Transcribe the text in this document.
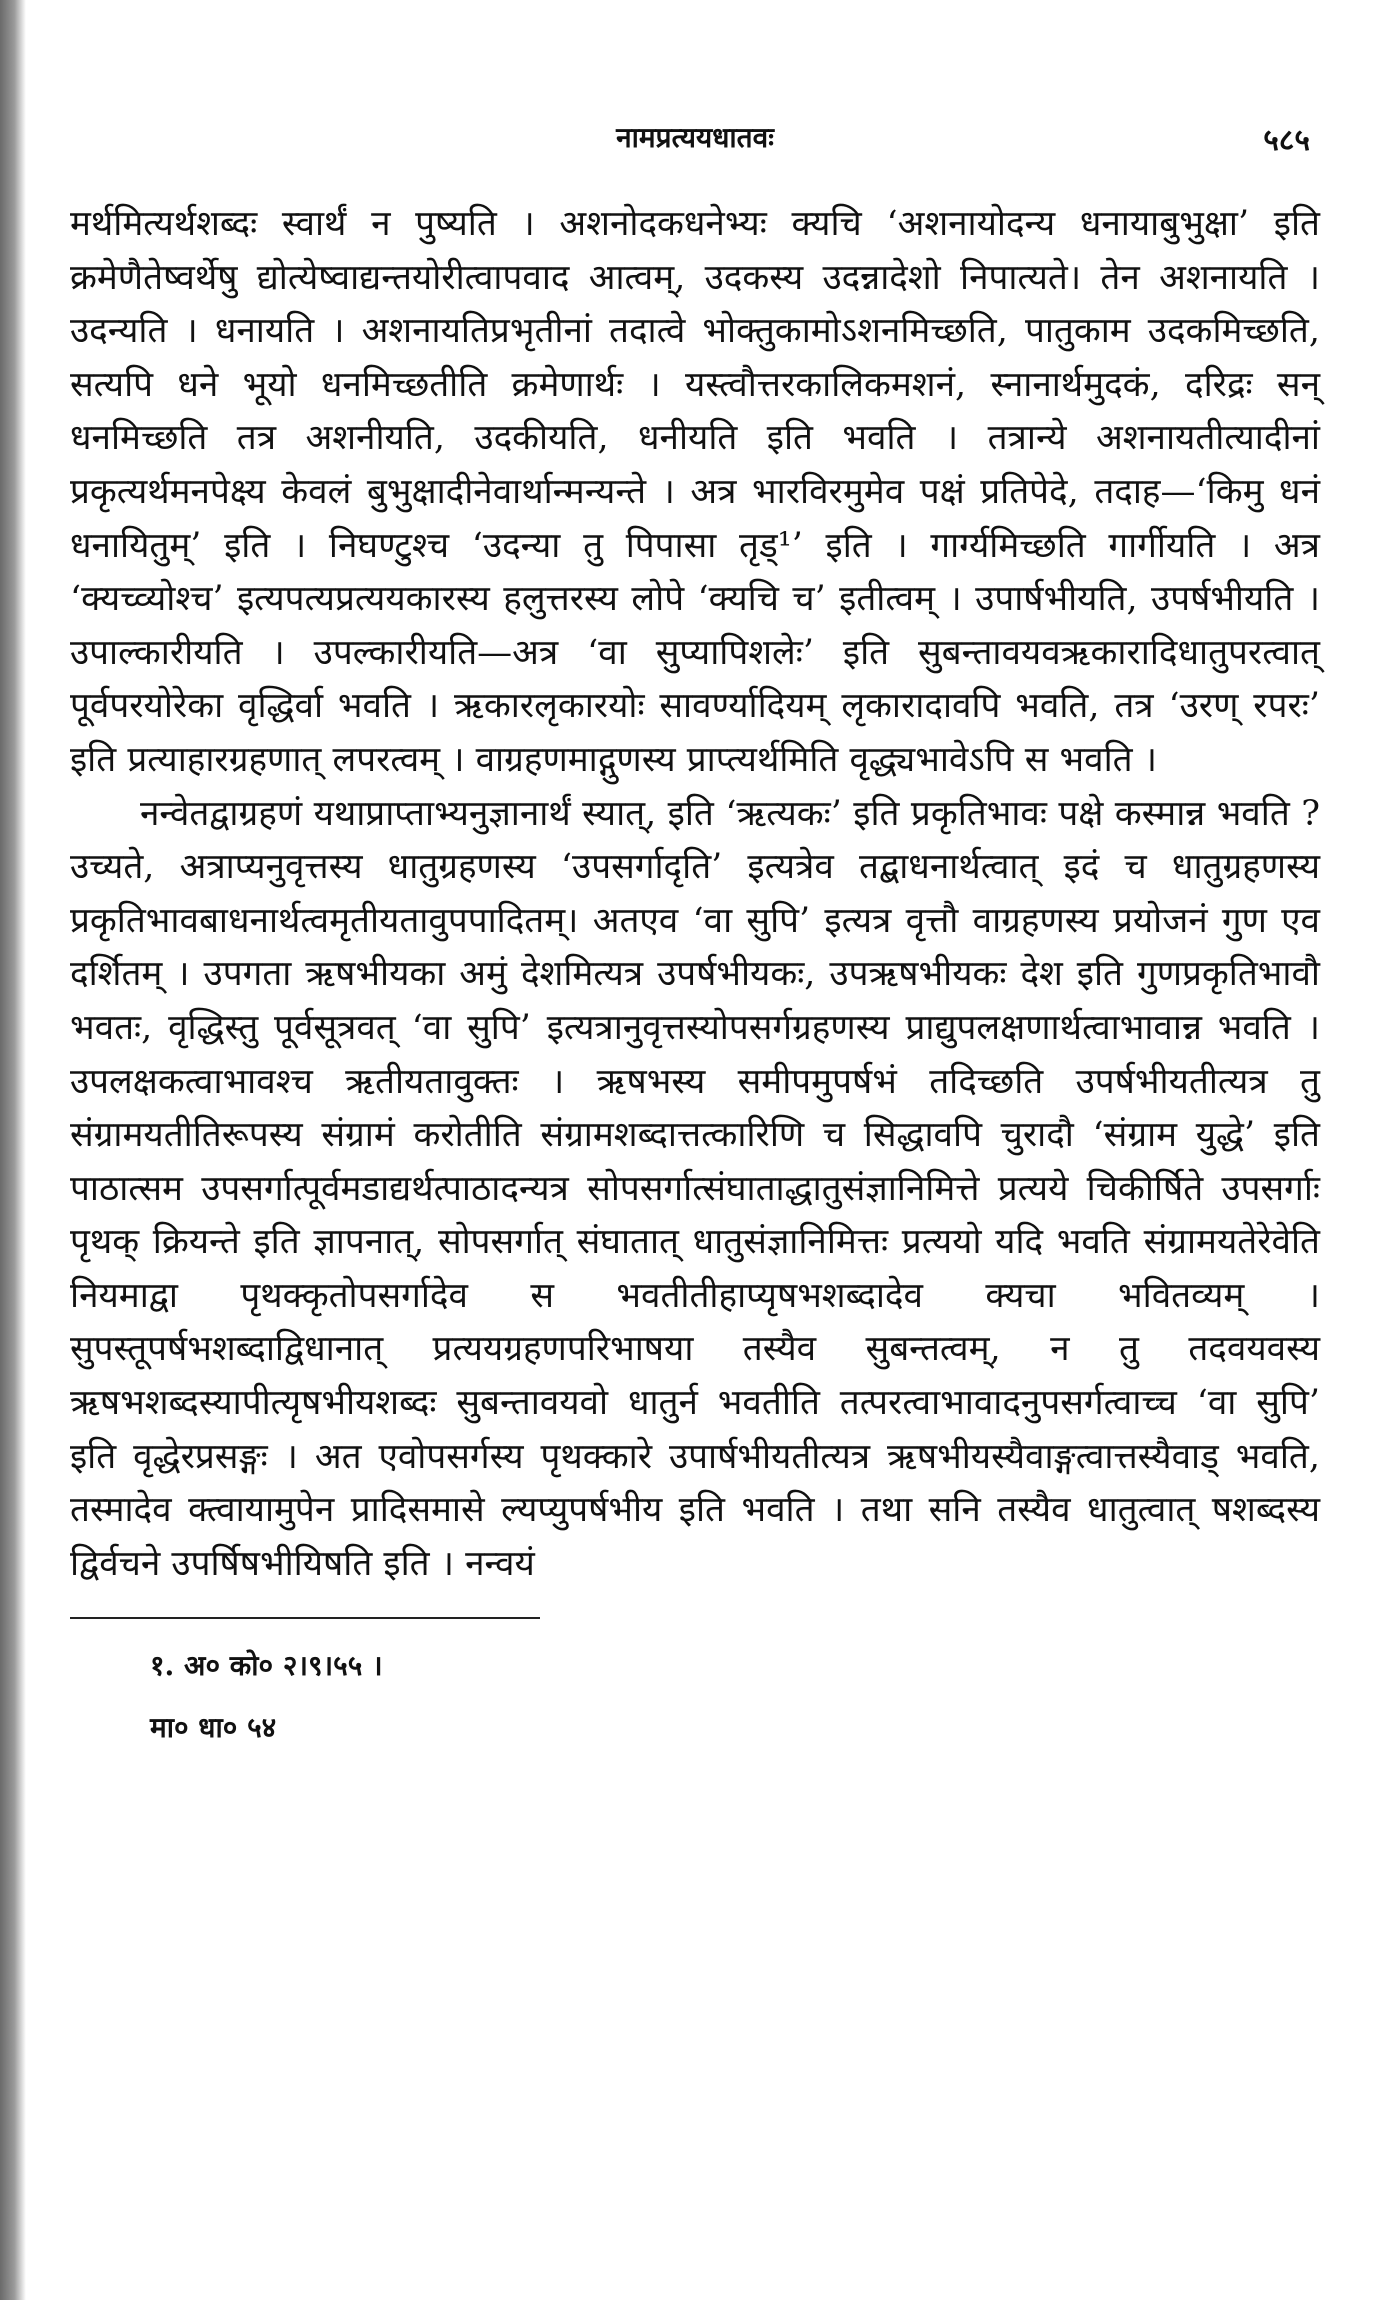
नामप्रत्ययधातवः	५८५

मर्थमित्यर्थशब्दः स्वार्थं न पुष्यति । अशनोदकधनेभ्यः क्यचि ‘अशनायोदन्य धनायाबुभुक्षा’ इति क्रमेणैतेष्वर्थेषु द्योत्येष्वाद्यन्तयोरीत्वापवाद आत्वम्, उदकस्य उदन्नादेशो निपात्यते। तेन अशनायति । उदन्यति । धनायति । अशनायतिप्रभृतीनां तदात्वे भोक्तुकामोऽशनमिच्छति, पातुकाम उदकमिच्छति, सत्यपि धने भूयो धनमिच्छतीति क्रमेणार्थः । यस्त्वौत्तरकालिकमशनं, स्नानार्थमुदकं, दरिद्रः सन् धनमिच्छति तत्र अशनीयति, उदकीयति, धनीयति इति भवति । तत्रान्ये अशनायतीत्यादीनां प्रकृत्यर्थमनपेक्ष्य केवलं बुभुक्षादीनेवार्थान्मन्यन्ते । अत्र भारविरमुमेव पक्षं प्रतिपेदे, तदाह—‘किमु धनं धनायितुम्’ इति । निघण्टुश्च ‘उदन्या तु पिपासा तृड्¹’ इति । गार्ग्यमिच्छति गार्गीयति । अत्र ‘क्यच्व्योश्च’ इत्यपत्यप्रत्ययकारस्य हलुत्तरस्य लोपे ‘क्यचि च’ इतीत्वम् । उपार्षभीयति, उपर्षभीयति । उपाल्कारीयति । उपल्कारीयति—अत्र ‘वा सुप्यापिशलेः’ इति सुबन्तावयवऋकारादिधातुपरत्वात् पूर्वपरयोरेका वृद्धिर्वा भवति । ऋकारलृकारयोः सावर्ण्यादियम् लृकारादावपि भवति, तत्र ‘उरण् रपरः’ इति प्रत्याहारग्रहणात् लपरत्वम् । वाग्रहणमाद्गुणस्य प्राप्त्यर्थमिति वृद्ध्यभावेऽपि स भवति ।

नन्वेतद्वाग्रहणं यथाप्राप्ताभ्यनुज्ञानार्थं स्यात्, इति ‘ऋत्यकः’ इति प्रकृतिभावः पक्षे कस्मान्न भवति ? उच्यते, अत्राप्यनुवृत्तस्य धातुग्रहणस्य ‘उपसर्गादृति’ इत्यत्रेव तद्बाधनार्थत्वात् इदं च धातुग्रहणस्य प्रकृतिभावबाधनार्थत्वमृतीयतावुपपादितम्। अतएव ‘वा सुपि’ इत्यत्र वृत्तौ वाग्रहणस्य प्रयोजनं गुण एव दर्शितम् । उपगता ऋषभीयका अमुं देशमित्यत्र उपर्षभीयकः, उपऋषभीयकः देश इति गुणप्रकृतिभावौ भवतः, वृद्धिस्तु पूर्वसूत्रवत् ‘वा सुपि’ इत्यत्रानुवृत्तस्योपसर्गग्रहणस्य प्राद्युपलक्षणार्थत्वाभावान्न भवति । उपलक्षकत्वाभावश्च ऋतीयतावुक्तः । ऋषभस्य समीपमुपर्षभं तदिच्छति उपर्षभीयतीत्यत्र तु संग्रामयतीतिरूपस्य संग्रामं करोतीति संग्रामशब्दात्तत्कारिणि च सिद्धावपि चुरादौ ‘संग्राम युद्धे’ इति पाठात्सम उपसर्गात्पूर्वमडाद्यर्थत्पाठादन्यत्र सोपसर्गात्संघाताद्धातुसंज्ञानिमित्ते प्रत्यये चिकीर्षिते उपसर्गाः पृथक् क्रियन्ते इति ज्ञापनात्, सोपसर्गात् संघातात् धातुसंज्ञानिमित्तः प्रत्ययो यदि भवति संग्रामयतेरेवेति नियमाद्वा पृथक्कृतोपसर्गादेव स भवतीतीहाप्यृषभशब्दादेव क्यचा भवितव्यम् । सुपस्तूपर्षभशब्दाद्विधानात् प्रत्ययग्रहणपरिभाषया तस्यैव सुबन्तत्वम्, न तु तदवयवस्य ऋषभशब्दस्यापीत्यृषभीयशब्दः सुबन्तावयवो धातुर्न भवतीति तत्परत्वाभावादनुपसर्गत्वाच्च ‘वा सुपि’ इति वृद्धेरप्रसङ्गः । अत एवोपसर्गस्य पृथक्कारे उपार्षभीयतीत्यत्र ऋषभीयस्यैवाङ्गत्वात्तस्यैवाड् भवति, तस्मादेव क्त्वायामुपेन प्रादिसमासे ल्यप्युपर्षभीय इति भवति । तथा सनि तस्यैव धातुत्वात् षशब्दस्य द्विर्वचने उपर्षिषभीयिषति इति । नन्वयं

१. अ० को० २।९।५५ ।
मा० धा० ५४
